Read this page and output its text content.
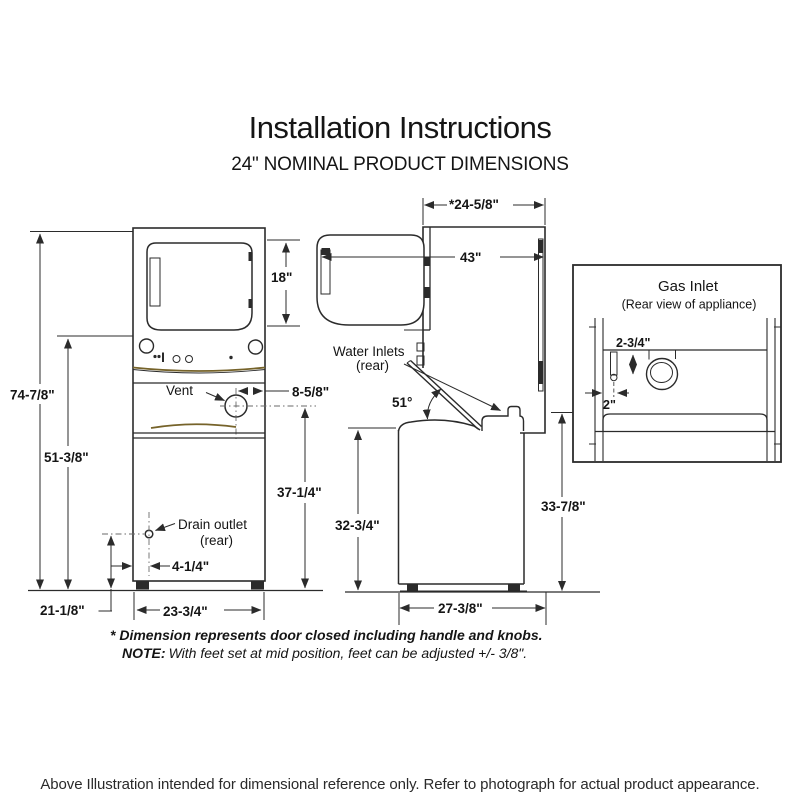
Installation Instructions
24" NOMINAL PRODUCT DIMENSIONS
74-7/8"
51-3/8"
21-1/8"	23-3/4"
4-1/4"
8-5/8"
37-1/4"
18"
Vent
Drain outlet
(rear)
*24-5/8"
43"
51°
Water Inlets
(rear)
32-3/4"
33-7/8"
27-3/8"
Gas Inlet
(Rear view of appliance)
2-3/4"
2"
* Dimension represents door closed including handle and knobs.
NOTE: With feet set at mid position, feet can be adjusted +/- 3/8".
Above Illustration intended for dimensional reference only. Refer to photograph for actual product appearance.
